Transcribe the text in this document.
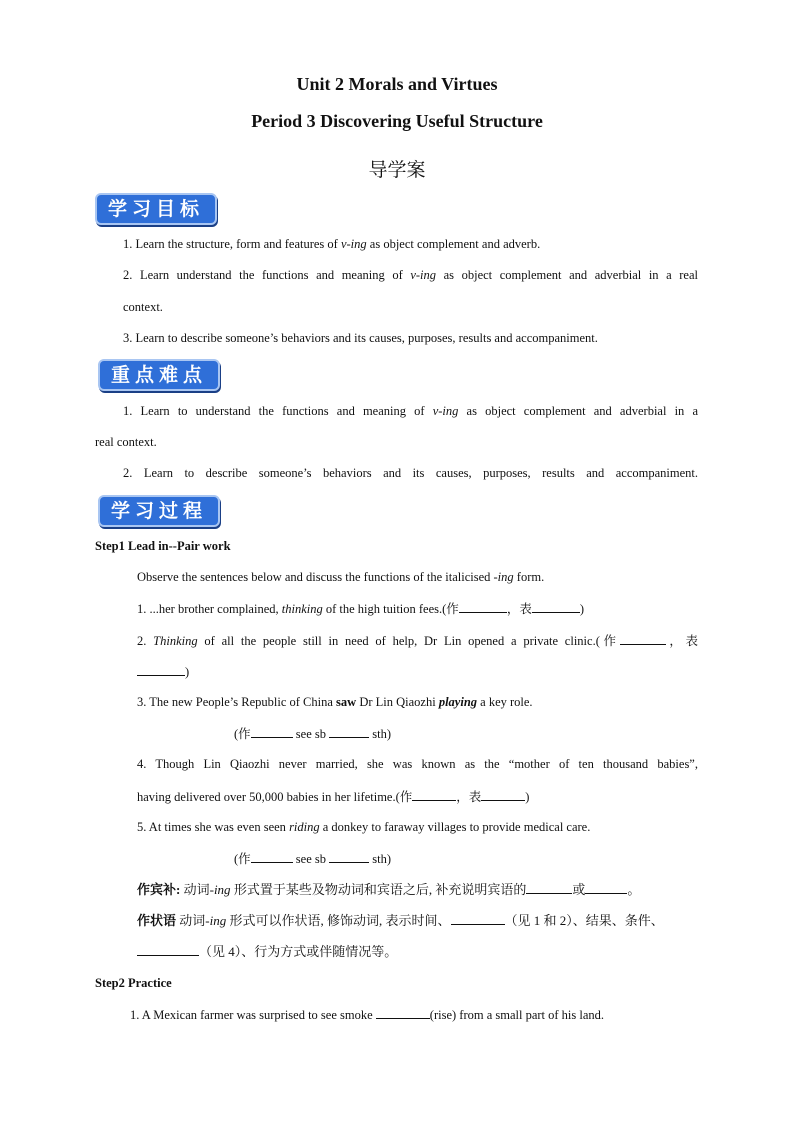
Unit 2 Morals and Virtues
Period 3 Discovering Useful Structure
导学案
学习目标
1. Learn the structure, form and features of v-ing as object complement and adverb.
2. Learn understand the functions and meaning of v-ing as object complement and adverbial in a real
context.
3. Learn to describe someone’s behaviors and its causes, purposes, results and accompaniment.
重点难点
1. Learn to understand the functions and meaning of v-ing as object complement and adverbial in a
real context.
2. Learn to describe someone’s behaviors and its causes, purposes, results and accompaniment.
学习过程
Step1 Lead in--Pair work
Observe the sentences below and discuss the functions of the italicised -ing form.
1. ...her brother complained, thinking of the high tuition fees.(作	，表	)
2. Thinking of all the people still in need of help, Dr Lin opened a private clinic.(作	，表
)
3. The new People’s Republic of China saw Dr Lin Qiaozhi playing a key role.
(作	see sb	sth)
4. Though Lin Qiaozhi never married, she was known as the “mother of ten thousand babies”,
having delivered over 50,000 babies in her lifetime.(作	，表	)
5. At times she was even seen riding a donkey to faraway villages to provide medical care.
(作	see sb	sth)
作宾补: 动词-ing 形式置于某些及物动词和宾语之后, 补充说明宾语的	或	。
作状语 动词-ing 形式可以作状语, 修饰动词, 表示时间、	（见 1 和 2）、结果、条件、
（见 4）、行为方式或伴随情况等。
Step2 Practice
1. A Mexican farmer was surprised to see smoke	(rise) from a small part of his land.
